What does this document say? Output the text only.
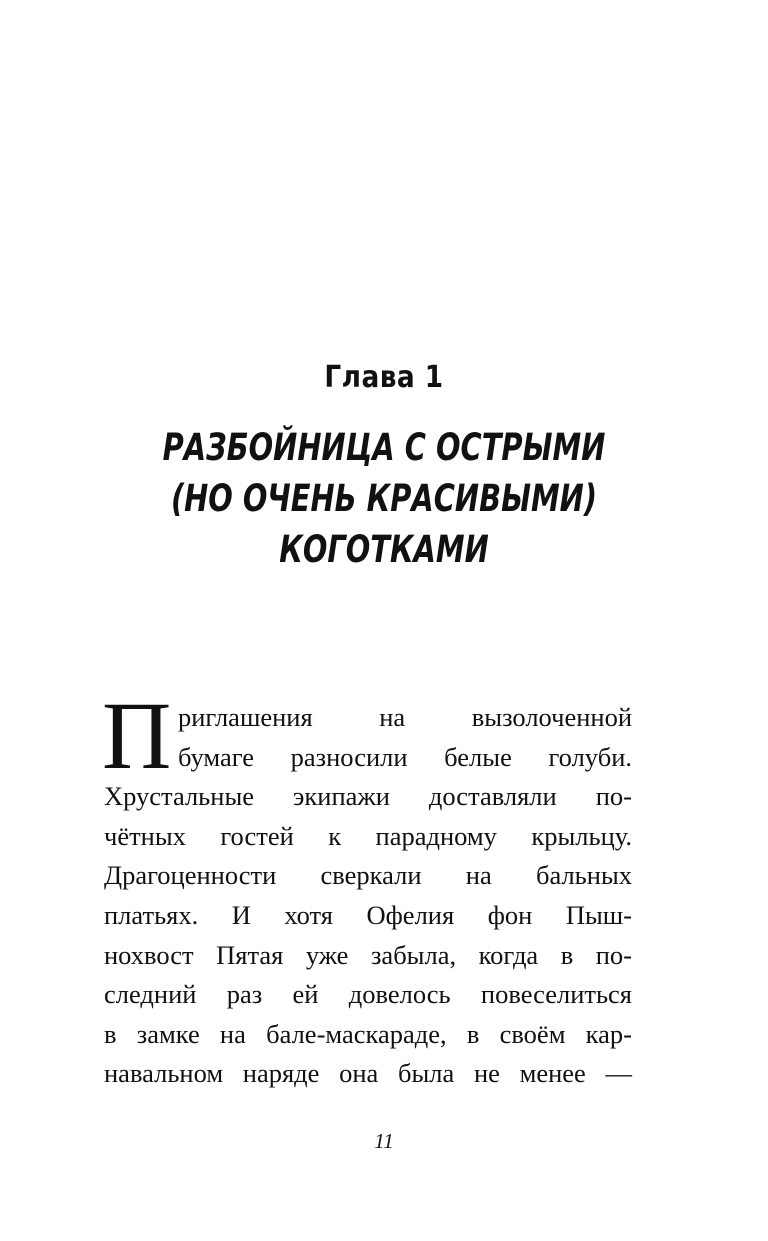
Глава 1
РАЗБОЙНИЦА С ОСТРЫМИ
(НО ОЧЕНЬ КРАСИВЫМИ)
КОГОТКАМИ
П риглашения на вызолоченной
бумаге разносили белые голуби.
Хрустальные экипажи доставляли по-
чётных гостей к парадному крыльцу.
Драгоценности сверкали на бальных
платьях. И хотя Офелия фон Пыш-
нохвост Пятая уже забыла, когда в по-
следний раз ей довелось повеселиться
в замке на бале-маскараде, в своём кар-
навальном наряде она была не менее —
11
